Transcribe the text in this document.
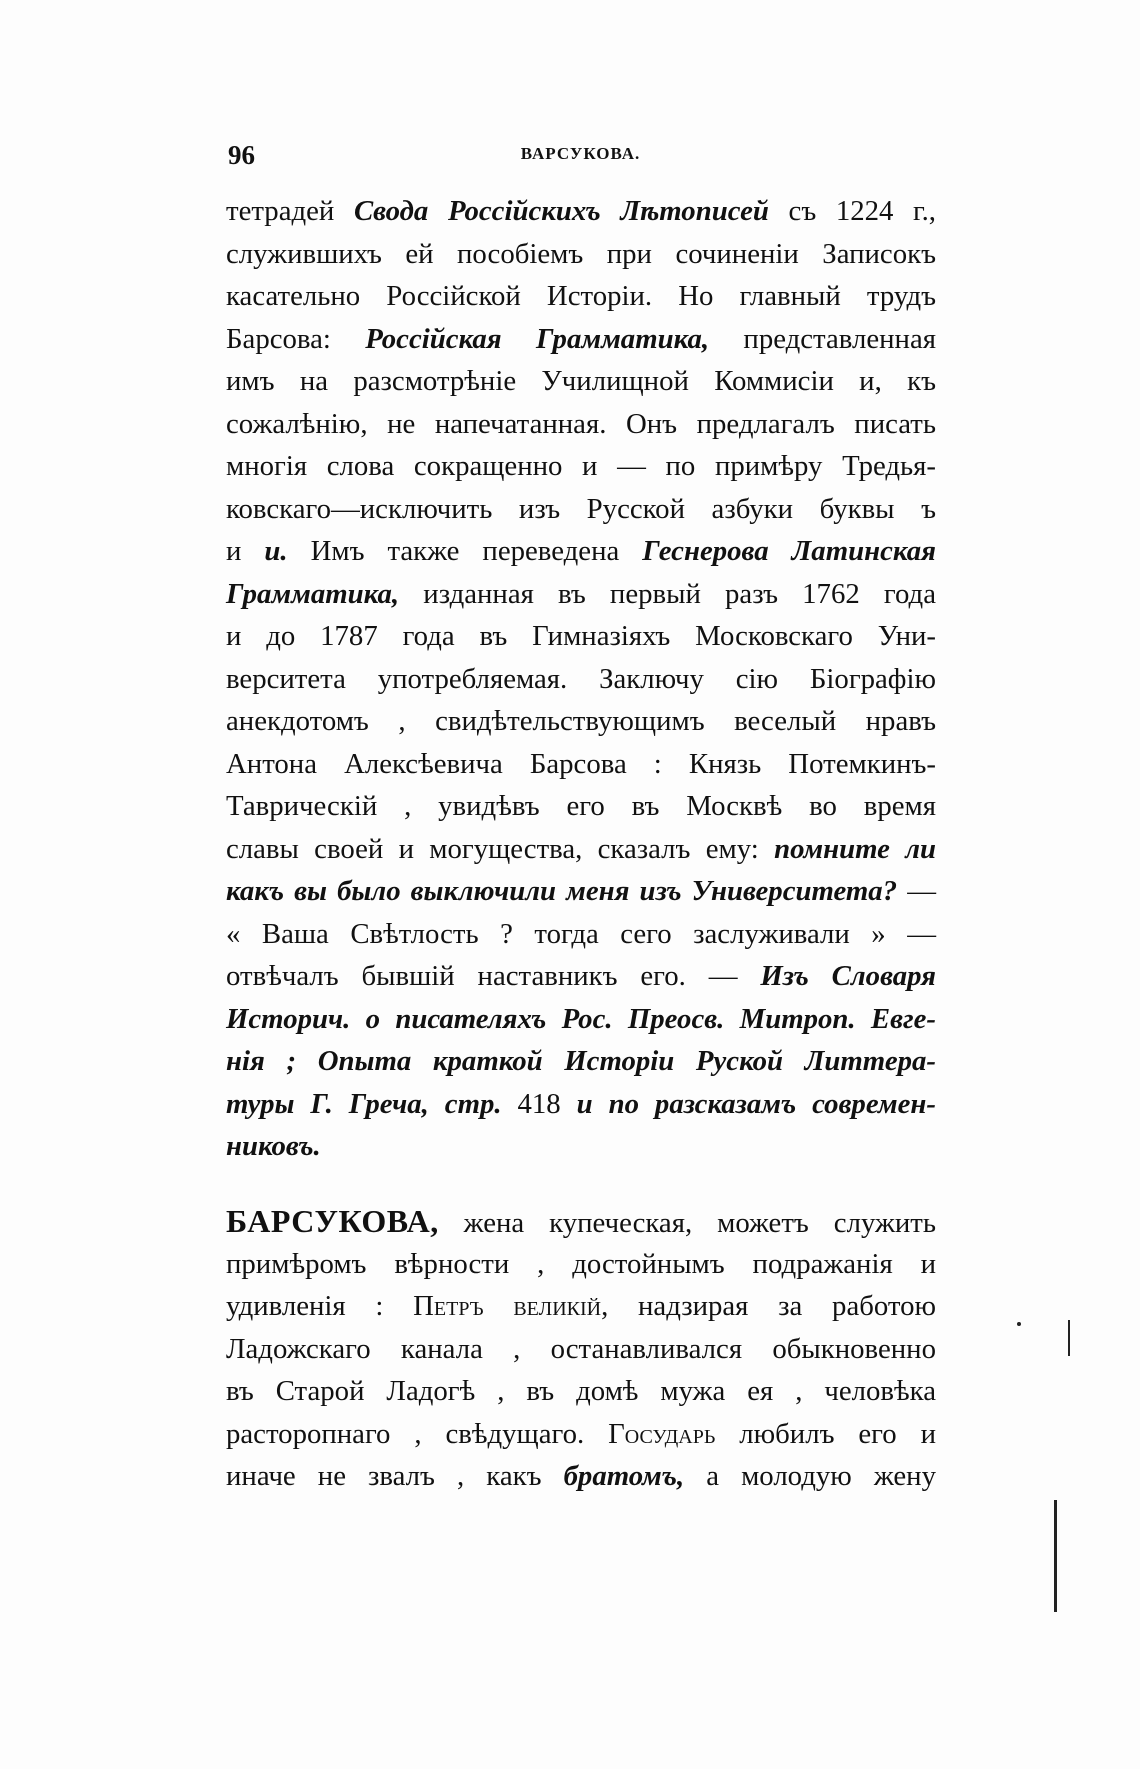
96	ВАРСУКОВА.
тетрадей Свода Россійскихъ Лѣтописей съ 1224 г.,
служившихъ ей пособіемъ при сочиненіи Записокъ
касательно Россійской Исторіи. Но главный трудъ
Барсова: Россійская Грамматика, представленная
имъ на разсмотрѣніе Училищной Коммисіи и, къ
сожалѣнію, не напечатанная. Онъ предлагалъ писать
многія слова сокращенно и — по примѣру Тредья-
ковскаго—исключить изъ Русской азбуки буквы ъ
и и. Имъ также переведена Геснерова Латинская
Грамматика, изданная въ первый разъ 1762 года
и до 1787 года въ Гимназіяхъ Московскаго Уни-
верситета употребляемая. Заключу сію Біографію
анекдотомъ , свидѣтельствующимъ веселый нравъ
Антона Алексѣевича Барсова : Князь Потемкинъ-
Таврическій , увидѣвъ его въ Москвѣ во время
славы своей и могущества, сказалъ ему: помните ли
какъ вы было выключили меня изъ Университета? —
« Ваша Свѣтлость ? тогда сего заслуживали » —
отвѣчалъ бывшій наставникъ его. — Изъ Словаря
Историч. о писателяхъ Рос. Преосв. Митроп. Евге-
нія ; Опыта краткой Исторіи Руской Литтера-
туры Г. Греча, стр. 418 и по разсказамъ современ-
никовъ.
БАРСУКОВА, жена купеческая, можетъ служить
примѣромъ вѣрности , достойнымъ подражанія и
удивленія : Петръ великій, надзирая за работою
Ладожскаго канала , останавливался обыкновенно
въ Старой Ладогѣ , въ домѣ мужа ея , человѣка
расторопнаго , свѣдущаго. Государь любилъ его и
иначе не звалъ , какъ братомъ, а молодую жену
